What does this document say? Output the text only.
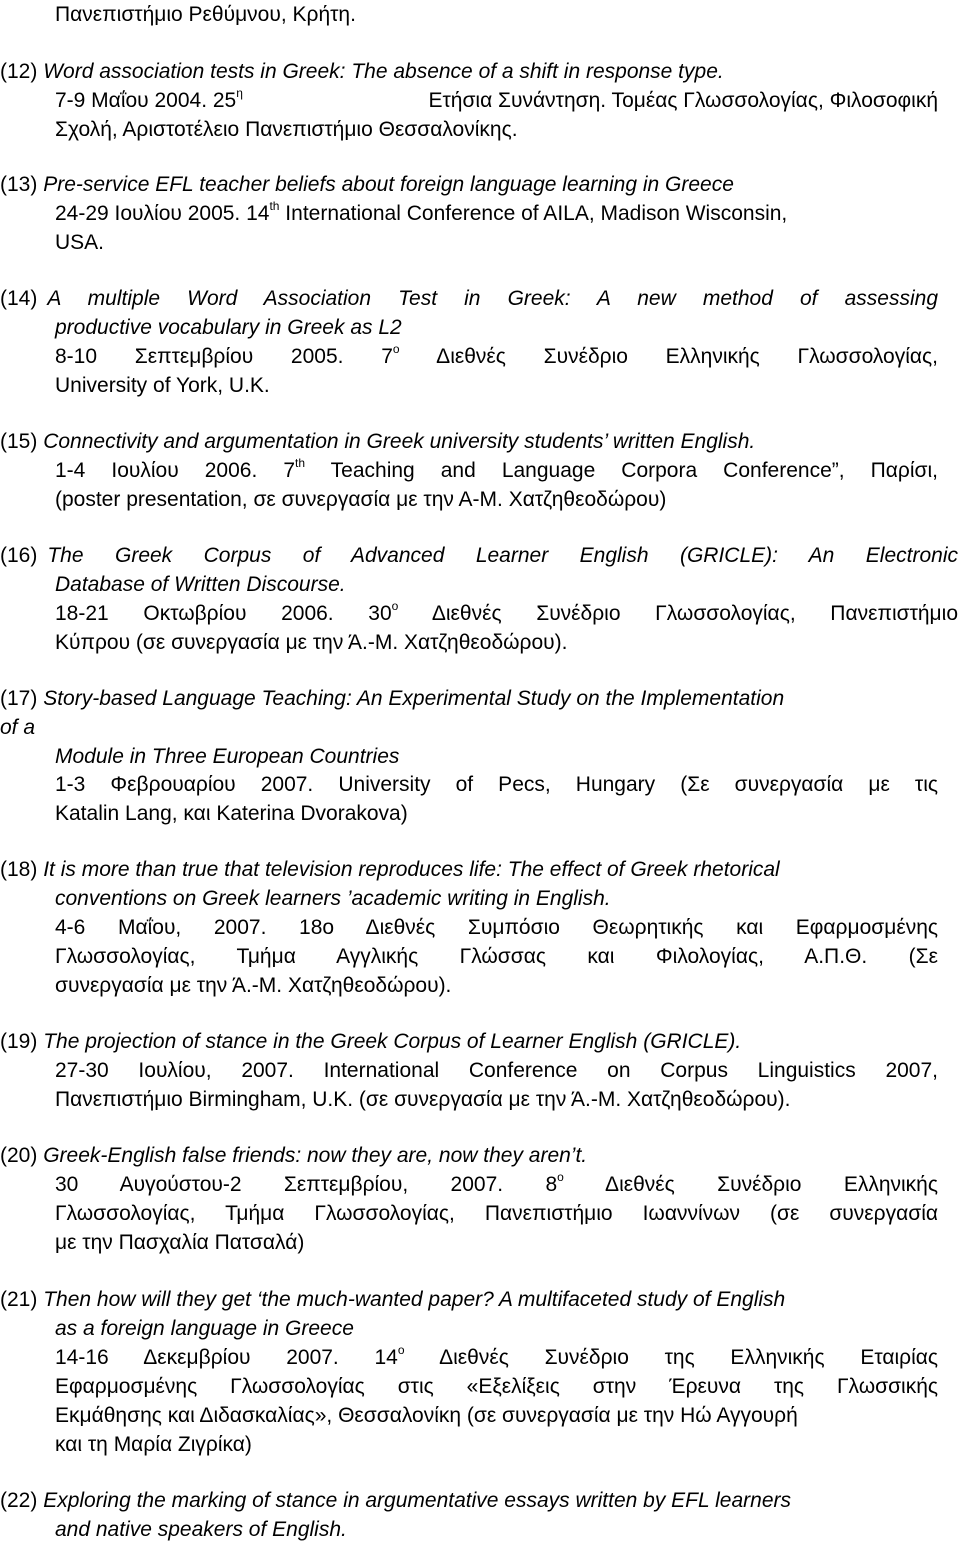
Πανεπιστήμιο Ρεθύμνου, Κρήτη.
(12) Word association tests in Greek: The absence of a shift in response type.
7-9 Μαΐου 2004. $25^\eta$	Ετήσια Συνάντηση. Τομέας Γλωσσολογίας, Φιλοσοφική
Σχολή, Αριστοτέλειο Πανεπιστήμιο Θεσσαλονίκης.
(13) Pre-service EFL teacher beliefs about foreign language learning in Greece
24-29 Ιουλίου 2005. 14th International Conference of AILA, Madison Wisconsin,
USA.
(14) A multiple Word Association Test in Greek: A new method of assessing
productive vocabulary in Greek as L2
8-10 Σεπτεμβρίου 2005. $7^o$ Διεθνές Συνέδριο Ελληνικής Γλωσσολογίας,
University of York, U.K.
(15) Connectivity and argumentation in Greek university students’ written English.
1-4 Ιουλίου 2006. 7th Teaching and Language Corpora Conference”, Παρίσι,
(poster presentation, σε συνεργασία με την Α-Μ. Χατζηθεοδώρου)
(16) The Greek Corpus of Advanced Learner English (GRICLE): An Electronic
Database of Written Discourse.
18-21 Οκτωβρίου 2006. $30^o$ Διεθνές Συνέδριο Γλωσσολογίας, Πανεπιστήμιο
Κύπρου (σε συνεργασία με την Ά.-Μ. Χατζηθεοδώρου).
(17) Story-based Language Teaching: An Experimental Study on the Implementation
of a
Module in Three European Countries
1-3 Φεβρουαρίου 2007. University of Pecs, Hungary (Σε συνεργασία με τις
Katalin Lang, και Katerina Dvorakova)
(18) It is more than true that television reproduces life: The effect of Greek rhetorical
conventions on Greek learners ’academic writing in English.
4-6 Μαΐου, 2007. 18ο Διεθνές Συμπόσιο Θεωρητικής και Εφαρμοσμένης
Γλωσσολογίας, Τμήμα Αγγλικής Γλώσσας και Φιλολογίας, Α.Π.Θ. (Σε
συνεργασία με την Ά.-Μ. Χατζηθεοδώρου).
(19) The projection of stance in the Greek Corpus of Learner English (GRICLE).
27-30 Ιουλίου, 2007. International Conference on Corpus Linguistics 2007,
Πανεπιστήμιο Birmingham, U.K. (σε συνεργασία με την Ά.-Μ. Χατζηθεοδώρου).
(20) Greek-English false friends: now they are, now they aren’t.
30 Αυγούστου-2 Σεπτεμβρίου, 2007. $8^o$ Διεθνές Συνέδριο Ελληνικής
Γλωσσολογίας, Τμήμα Γλωσσολογίας, Πανεπιστήμιο Ιωαννίνων (σε συνεργασία
με την Πασχαλία Πατσαλά)
(21) Then how will they get ‘the much-wanted paper? A multifaceted study of English
as a foreign language in Greece
14-16 Δεκεμβρίου 2007. $14^o$ Διεθνές Συνέδριο της Ελληνικής Εταιρίας
Εφαρμοσμένης Γλωσσολογίας στις «Εξελίξεις στην Έρευνα της Γλωσσικής
Εκμάθησης και Διδασκαλίας», Θεσσαλονίκη (σε συνεργασία με την Ηώ Αγγουρή
και τη Μαρία Ζιγρίκα)
(22) Exploring the marking of stance in argumentative essays written by EFL learners
and native speakers of English.
